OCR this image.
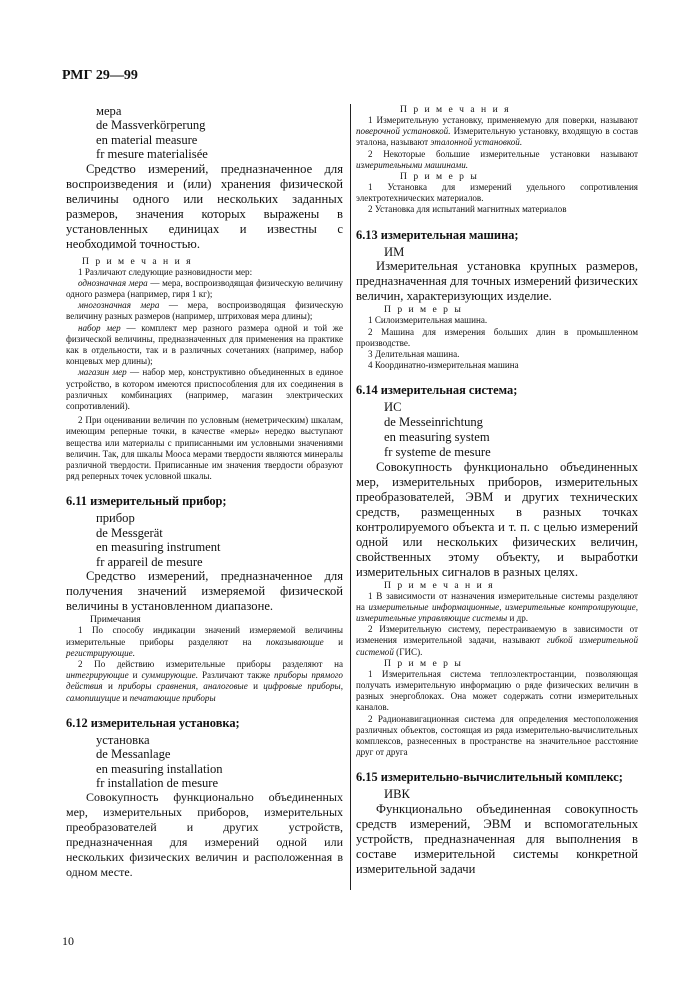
РМГ 29—99

мера

de Massverkörperung

en material measure

fr mesure materialisée

Средство измерений, предназначенное для воспроизведения и (или) хранения физической величины одного или нескольких заданных размеров, значения которых выражены в установленных единицах и известны с необходимой точностью.

П р и м е ч а н и я

1 Различают следующие разновидности мер:

однозначная мера — мера, воспроизводящая физическую величину одного размера (например, гиря 1 кг);

многозначная мера — мера, воспроизводящая физическую величину разных размеров (например, штриховая мера длины);

набор мер — комплект мер разного размера одной и той же физической величины, предназначенных для применения на практике как в отдельности, так и в различных сочетаниях (например, набор концевых мер длины);

магазин мер — набор мер, конструктивно объединенных в единое устройство, в котором имеются приспособления для их соединения в различных комбинациях (например, магазин электрических сопротивлений).

2 При оценивании величин по условным (неметрическим) шкалам, имеющим реперные точки, в качестве «меры» нередко выступают вещества или материалы с приписанными им условными значениями величин. Так, для шкалы Мооса мерами твердости являются минералы различной твердости. Приписанные им значения твердости образуют ряд реперных точек условной шкалы.

6.11 измерительный прибор;

прибор

de Messgerät

en measuring instrument

fr appareil de mesure

Средство измерений, предназначенное для получения значений измеряемой физической величины в установленном диапазоне.

Примечания

1 По способу индикации значений измеряемой величины измерительные приборы разделяют на показывающие и регистрирующие.

2 По действию измерительные приборы разделяют на интегрирующие и суммирующие. Различают также приборы прямого действия и приборы сравнения, аналоговые и цифровые приборы, самопишущие и печатающие приборы

6.12 измерительная установка;

установка

de Messanlage

en measuring installation

fr installation de mesure

Совокупность функционально объединенных мер, измерительных приборов, измерительных преобразователей и других устройств, предназначенная для измерений одной или нескольких физических величин и расположенная в одном месте.

П р и м е ч а н и я

1 Измерительную установку, применяемую для поверки, называют поверочной установкой. Измерительную установку, входящую в состав эталона, называют эталонной установкой.

2 Некоторые большие измерительные установки называют измерительными машинами.

П р и м е р ы

1 Установка для измерений удельного сопротивления электротехнических материалов.

2 Установка для испытаний магнитных материалов

6.13 измерительная машина;

ИМ

Измерительная установка крупных размеров, предназначенная для точных измерений физических величин, характеризующих изделие.

П р и м е р ы

1 Силоизмерительная машина.

2 Машина для измерения больших длин в промышленном производстве.

3 Делительная машина.

4 Координатно-измерительная машина

6.14 измерительная система;

ИС

de Messeinrichtung

en measuring system

fr systeme de mesure

Совокупность функционально объединенных мер, измерительных приборов, измерительных преобразователей, ЭВМ и других технических средств, размещенных в разных точках контролируемого объекта и т. п. с целью измерений одной или нескольких физических величин, свойственных этому объекту, и выработки измерительных сигналов в разных целях.

П р и м е ч а н и я

1 В зависимости от назначения измерительные системы разделяют на измерительные информационные, измерительные контролирующие, измерительные управляющие системы и др.

2 Измерительную систему, перестраиваемую в зависимости от изменения измерительной задачи, называют гибкой измерительной системой (ГИС).

П р и м е р ы

1 Измерительная система теплоэлектростанции, позволяющая получать измерительную информацию о ряде физических величин в разных энергоблоках. Она может содержать сотни измерительных каналов.

2 Радионавигационная система для определения местоположения различных объектов, состоящая из ряда измерительно-вычислительных комплексов, разнесенных в пространстве на значительное расстояние друг от друга

6.15 измерительно-вычислительный комплекс;

ИВК

Функционально объединенная совокупность средств измерений, ЭВМ и вспомогательных устройств, предназначенная для выполнения в составе измерительной системы конкретной измерительной задачи

10
